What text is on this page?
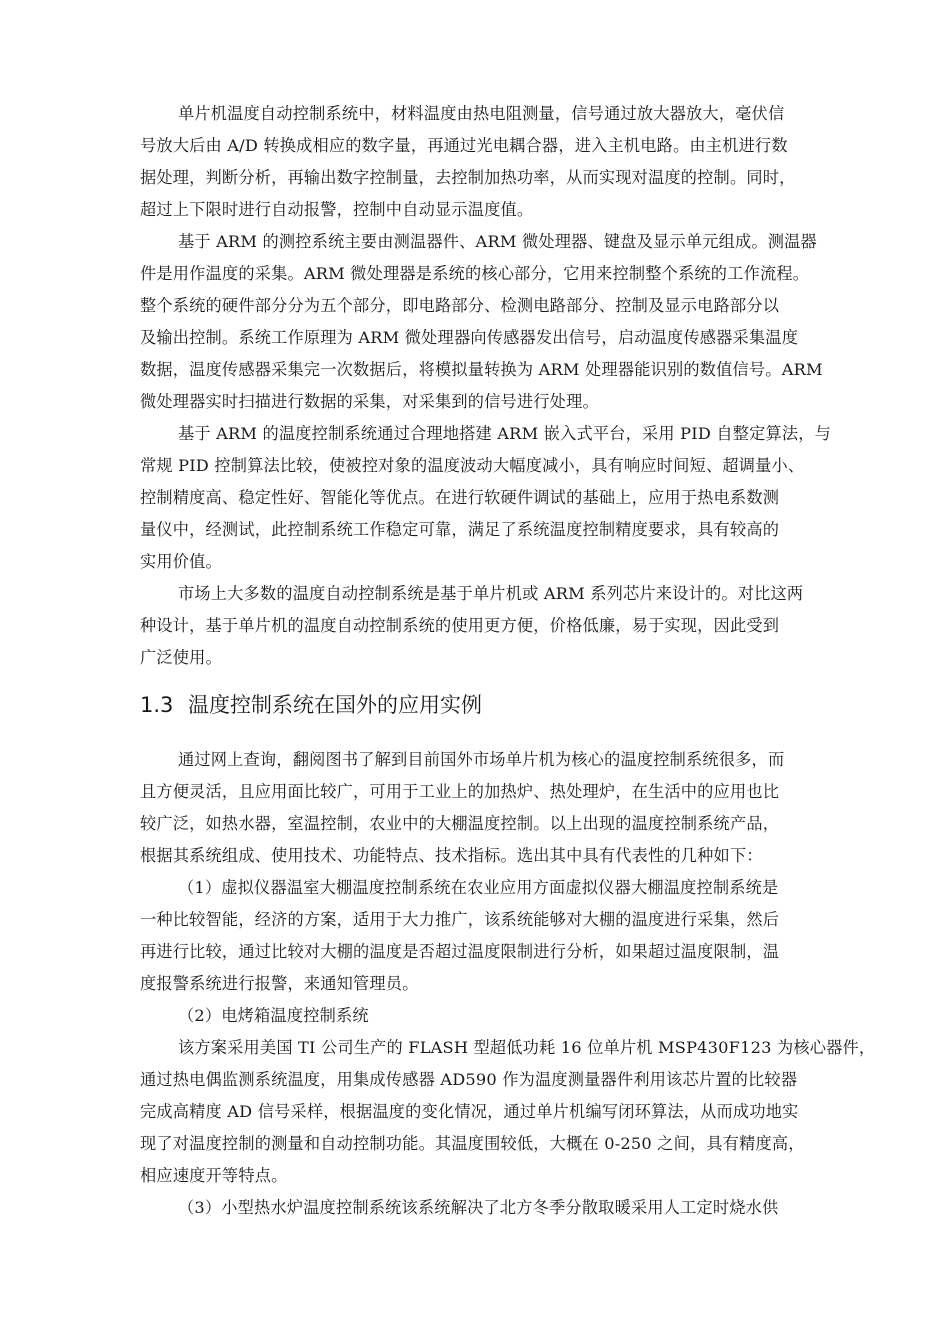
单片机温度自动控制系统中，材料温度由热电阻测量，信号通过放大器放大，毫伏信
号放大后由 A/D 转换成相应的数字量，再通过光电耦合器，进入主机电路。由主机进行数
据处理，判断分析，再输出数字控制量，去控制加热功率，从而实现对温度的控制。同时，
超过上下限时进行自动报警，控制中自动显示温度值。
基于 ARM 的测控系统主要由测温器件、ARM 微处理器、键盘及显示单元组成。测温器
件是用作温度的采集。ARM 微处理器是系统的核心部分，它用来控制整个系统的工作流程。
整个系统的硬件部分分为五个部分，即电路部分、检测电路部分、控制及显示电路部分以
及输出控制。系统工作原理为 ARM 微处理器向传感器发出信号，启动温度传感器采集温度
数据，温度传感器采集完一次数据后，将模拟量转换为 ARM 处理器能识别的数值信号。ARM
微处理器实时扫描进行数据的采集，对采集到的信号进行处理。
基于 ARM 的温度控制系统通过合理地搭建 ARM 嵌入式平台，采用 PID 自整定算法，与
常规 PID 控制算法比较，使被控对象的温度波动大幅度减小，具有响应时间短、超调量小、
控制精度高、稳定性好、智能化等优点。在进行软硬件调试的基础上，应用于热电系数测
量仪中，经测试，此控制系统工作稳定可靠，满足了系统温度控制精度要求，具有较高的
实用价值。
市场上大多数的温度自动控制系统是基于单片机或 ARM 系列芯片来设计的。对比这两
种设计，基于单片机的温度自动控制系统的使用更方便，价格低廉，易于实现，因此受到
广泛使用。
1.3 温度控制系统在国外的应用实例
通过网上查询，翻阅图书了解到目前国外市场单片机为核心的温度控制系统很多，而
且方便灵活，且应用面比较广，可用于工业上的加热炉、热处理炉，在生活中的应用也比
较广泛，如热水器，室温控制，农业中的大棚温度控制。以上出现的温度控制系统产品，
根据其系统组成、使用技术、功能特点、技术指标。选出其中具有代表性的几种如下：
（1）虚拟仪器温室大棚温度控制系统在农业应用方面虚拟仪器大棚温度控制系统是
一种比较智能，经济的方案，适用于大力推广，该系统能够对大棚的温度进行采集，然后
再进行比较，通过比较对大棚的温度是否超过温度限制进行分析，如果超过温度限制，温
度报警系统进行报警，来通知管理员。
（2）电烤箱温度控制系统
该方案采用美国 TI 公司生产的 FLASH 型超低功耗 16 位单片机 MSP430F123 为核心器件，
通过热电偶监测系统温度，用集成传感器 AD590 作为温度测量器件利用该芯片置的比较器
完成高精度 AD 信号采样，根据温度的变化情况，通过单片机编写闭环算法，从而成功地实
现了对温度控制的测量和自动控制功能。其温度围较低，大概在 0-250 之间，具有精度高，
相应速度开等特点。
（3）小型热水炉温度控制系统该系统解决了北方冬季分散取暖采用人工定时烧水供
